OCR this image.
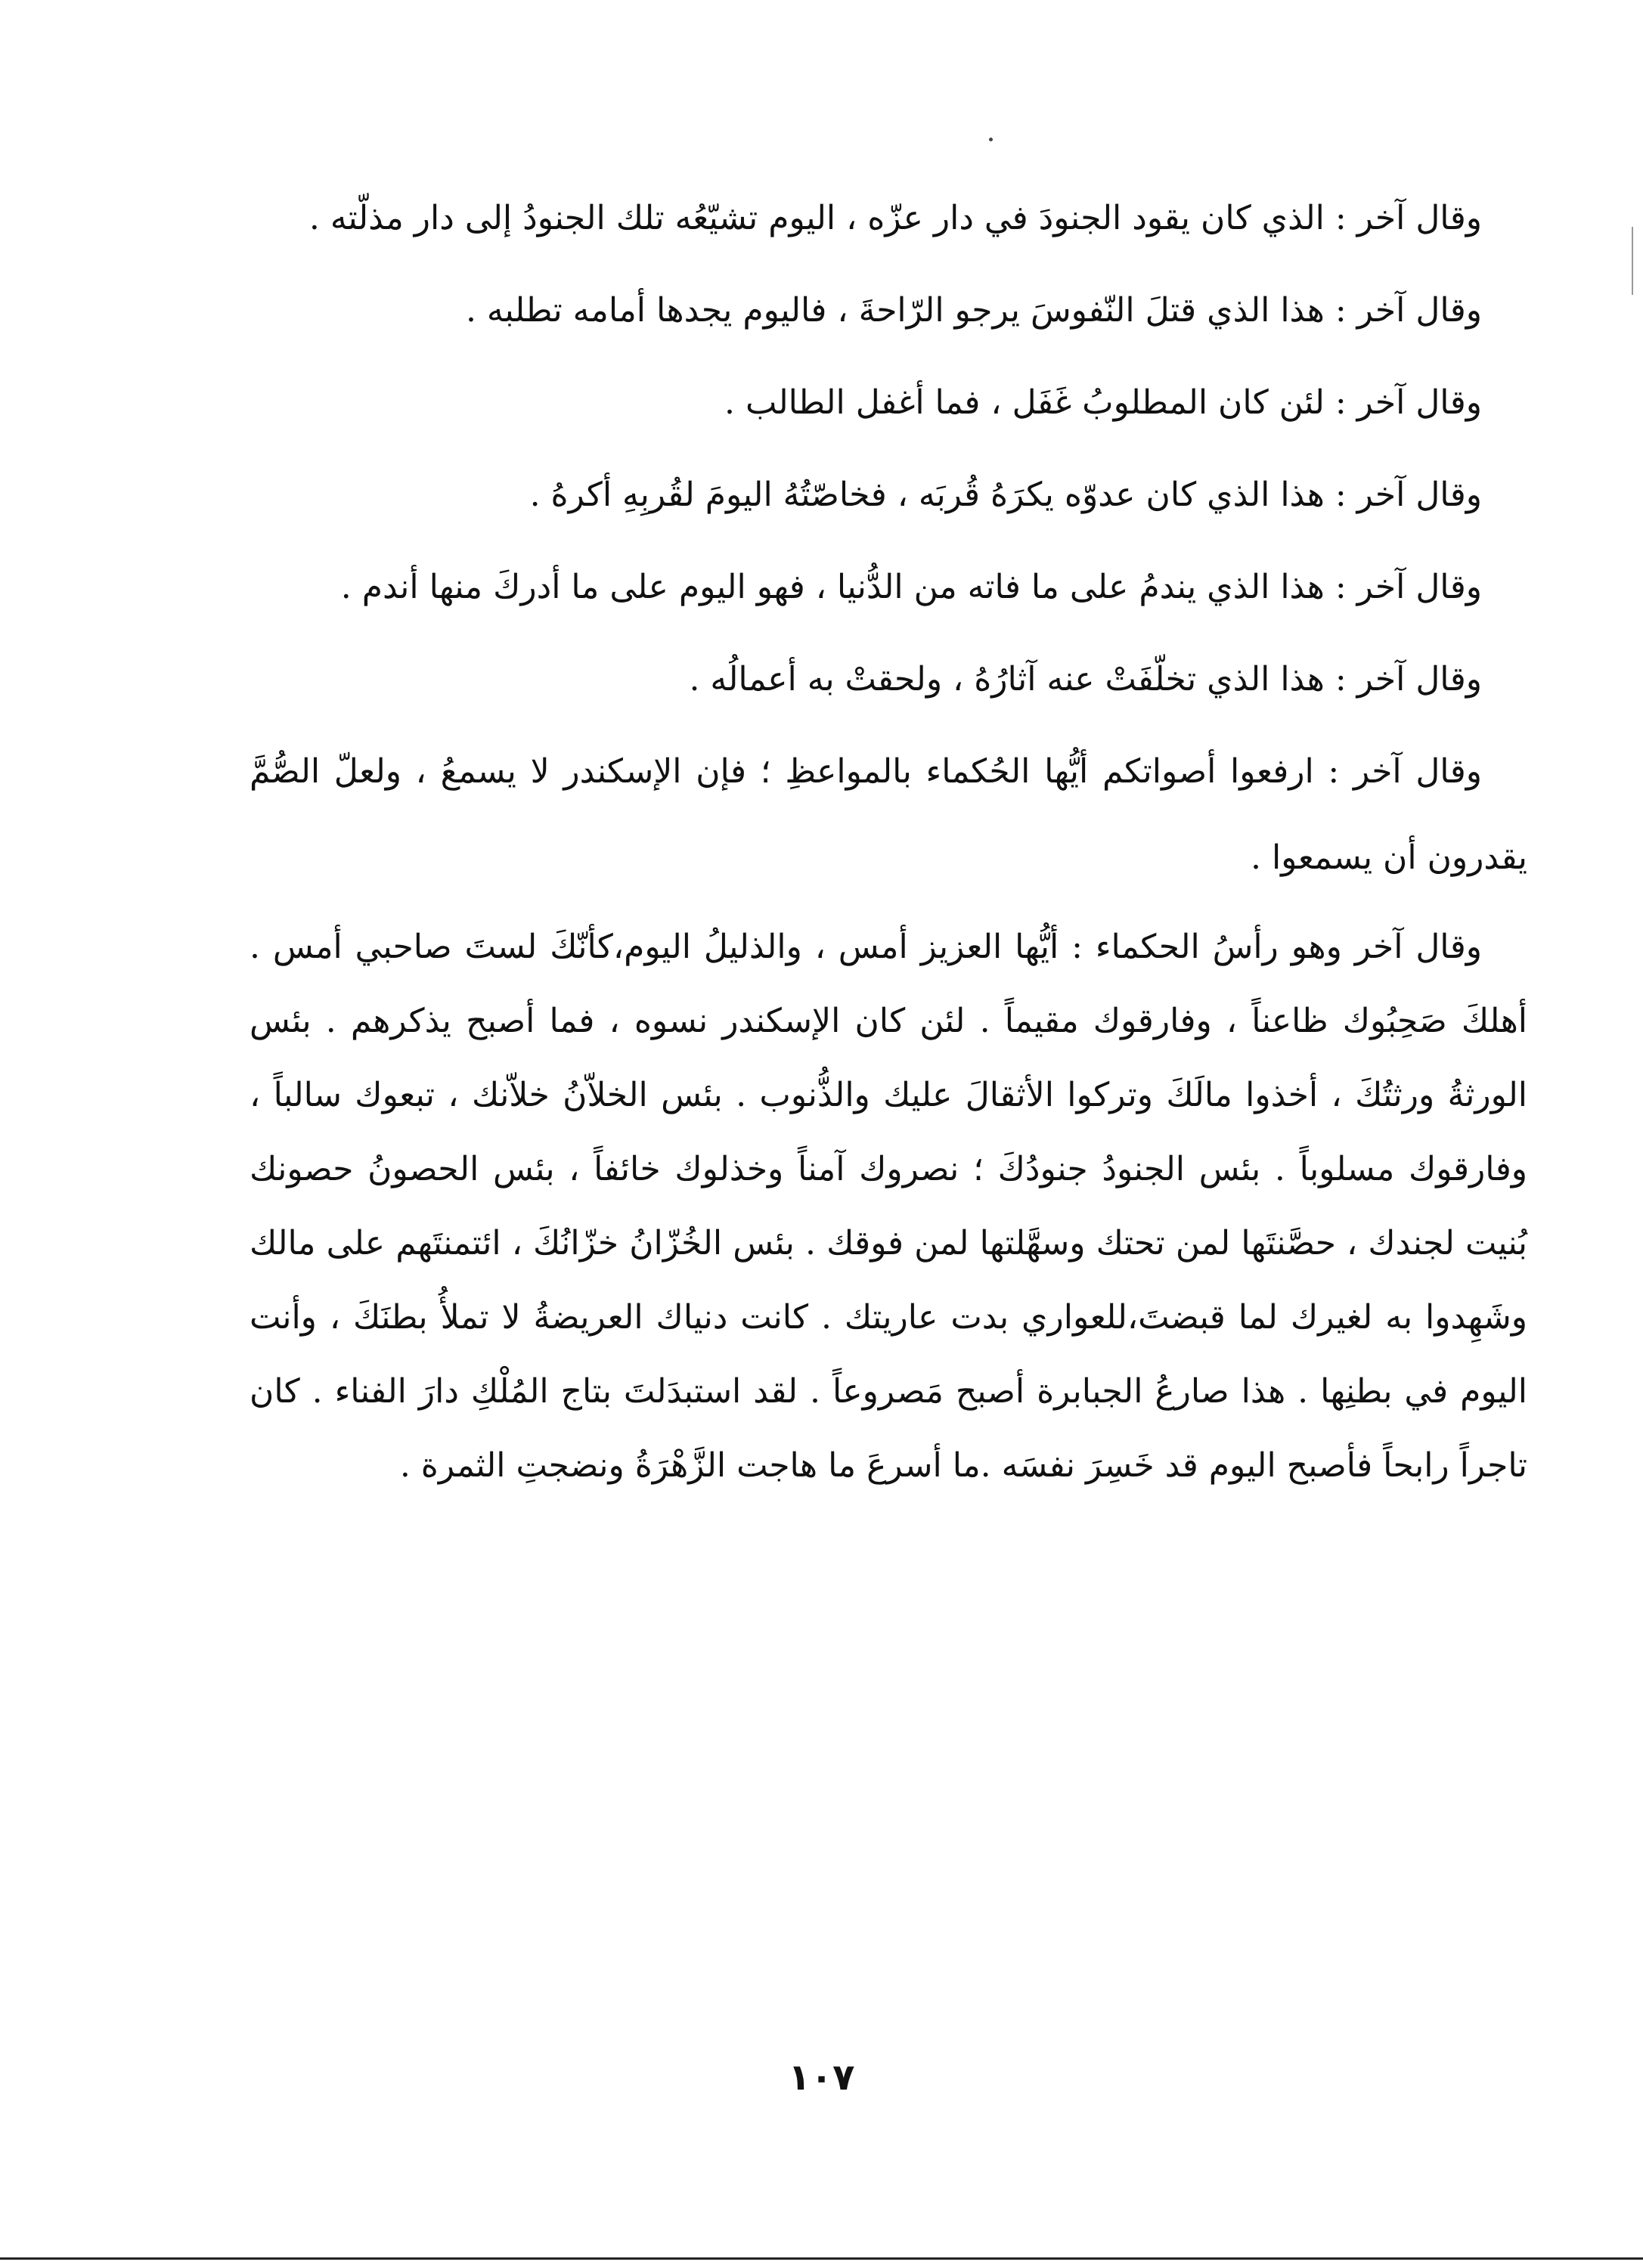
وقال آخر : الذي كان يقود الجنودَ في دار عزّه ، اليوم تشيّعُه تلك الجنودُ إلى دار مذلّته .

وقال آخر : هذا الذي قتلَ النّفوسَ يرجو الرّاحةَ ، فاليوم يجدها أمامه تطلبه .

وقال آخر : لئن كان المطلوبُ غَفَل ، فما أغفل الطالب .

وقال آخر : هذا الذي كان عدوّه يكرَهُ قُربَه ، فخاصّتُهُ اليومَ لقُربِهِ أكرهُ .

وقال آخر : هذا الذي يندمُ على ما فاته من الدُّنيا ، فهو اليوم على ما أدركَ منها أندم .

وقال آخر : هذا الذي تخلّفَتْ عنه آثارُهُ ، ولحقتْ به أعمالُه .

وقال آخر : ارفعوا أصواتكم أيُّها الحُكماء بالمواعظِ ؛ فإن الإسكندر لا يسمعُ ، ولعلّ الصُّمَّ يقدرون أن يسمعوا .

وقال آخر وهو رأسُ الحكماء : أيُّها العزيز أمس ، والذليلُ اليوم،كأنّكَ لستَ صاحبي أمس . أهلكَ صَحِبُوك ظاعناً ، وفارقوك مقيماً . لئن كان الإسكندر نسوه ، فما أصبح يذكرهم . بئس الورثةُ ورثتُكَ ، أخذوا مالَكَ وتركوا الأثقالَ عليك والذُّنوب . بئس الخلاّنُ خلاّنك ، تبعوك سالباً ، وفارقوك مسلوباً . بئس الجنودُ جنودُكَ ؛ نصروك آمناً وخذلوك خائفاً ، بئس الحصونُ حصونك بُنيت لجندك ، حصَّنتَها لمن تحتك وسهَّلتها لمن فوقك . بئس الخُزّانُ خزّانُكَ ، ائتمنتَهم على مالك وشَهِدوا به لغيرك لما قبضتَ،للعواري بدت عاريتك . كانت دنياك العريضةُ لا تملأُ بطنَكَ ، وأنت اليوم في بطنِها . هذا صارعُ الجبابرة أصبح مَصروعاً . لقد استبدَلتَ بتاج المُلْكِ دارَ الفناء . كان تاجراً رابحاً فأصبح اليوم قد خَسِرَ نفسَه .ما أسرعَ ما هاجت الزَّهْرَةُ ونضجتِ الثمرة .

١٠٧
